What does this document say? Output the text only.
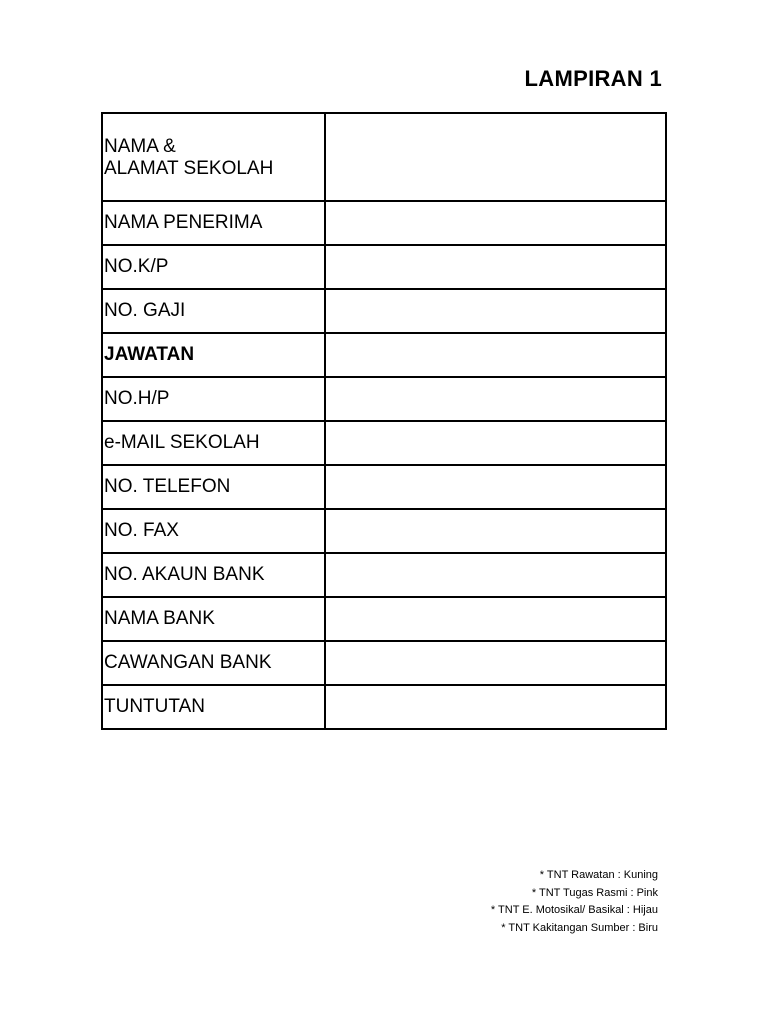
LAMPIRAN 1
NAMA &
ALAMAT SEKOLAH	

NAMA PENERIMA	
NO.K/P	
NO. GAJI	
JAWATAN	
NO.H/P	
e-MAIL SEKOLAH	
NO. TELEFON	
NO. FAX	
NO. AKAUN BANK	
NAMA BANK	
CAWANGAN BANK	
TUNTUTAN	
* TNT Rawatan : Kuning
* TNT Tugas Rasmi : Pink
* TNT E. Motosikal/ Basikal : Hijau
* TNT Kakitangan Sumber : Biru
